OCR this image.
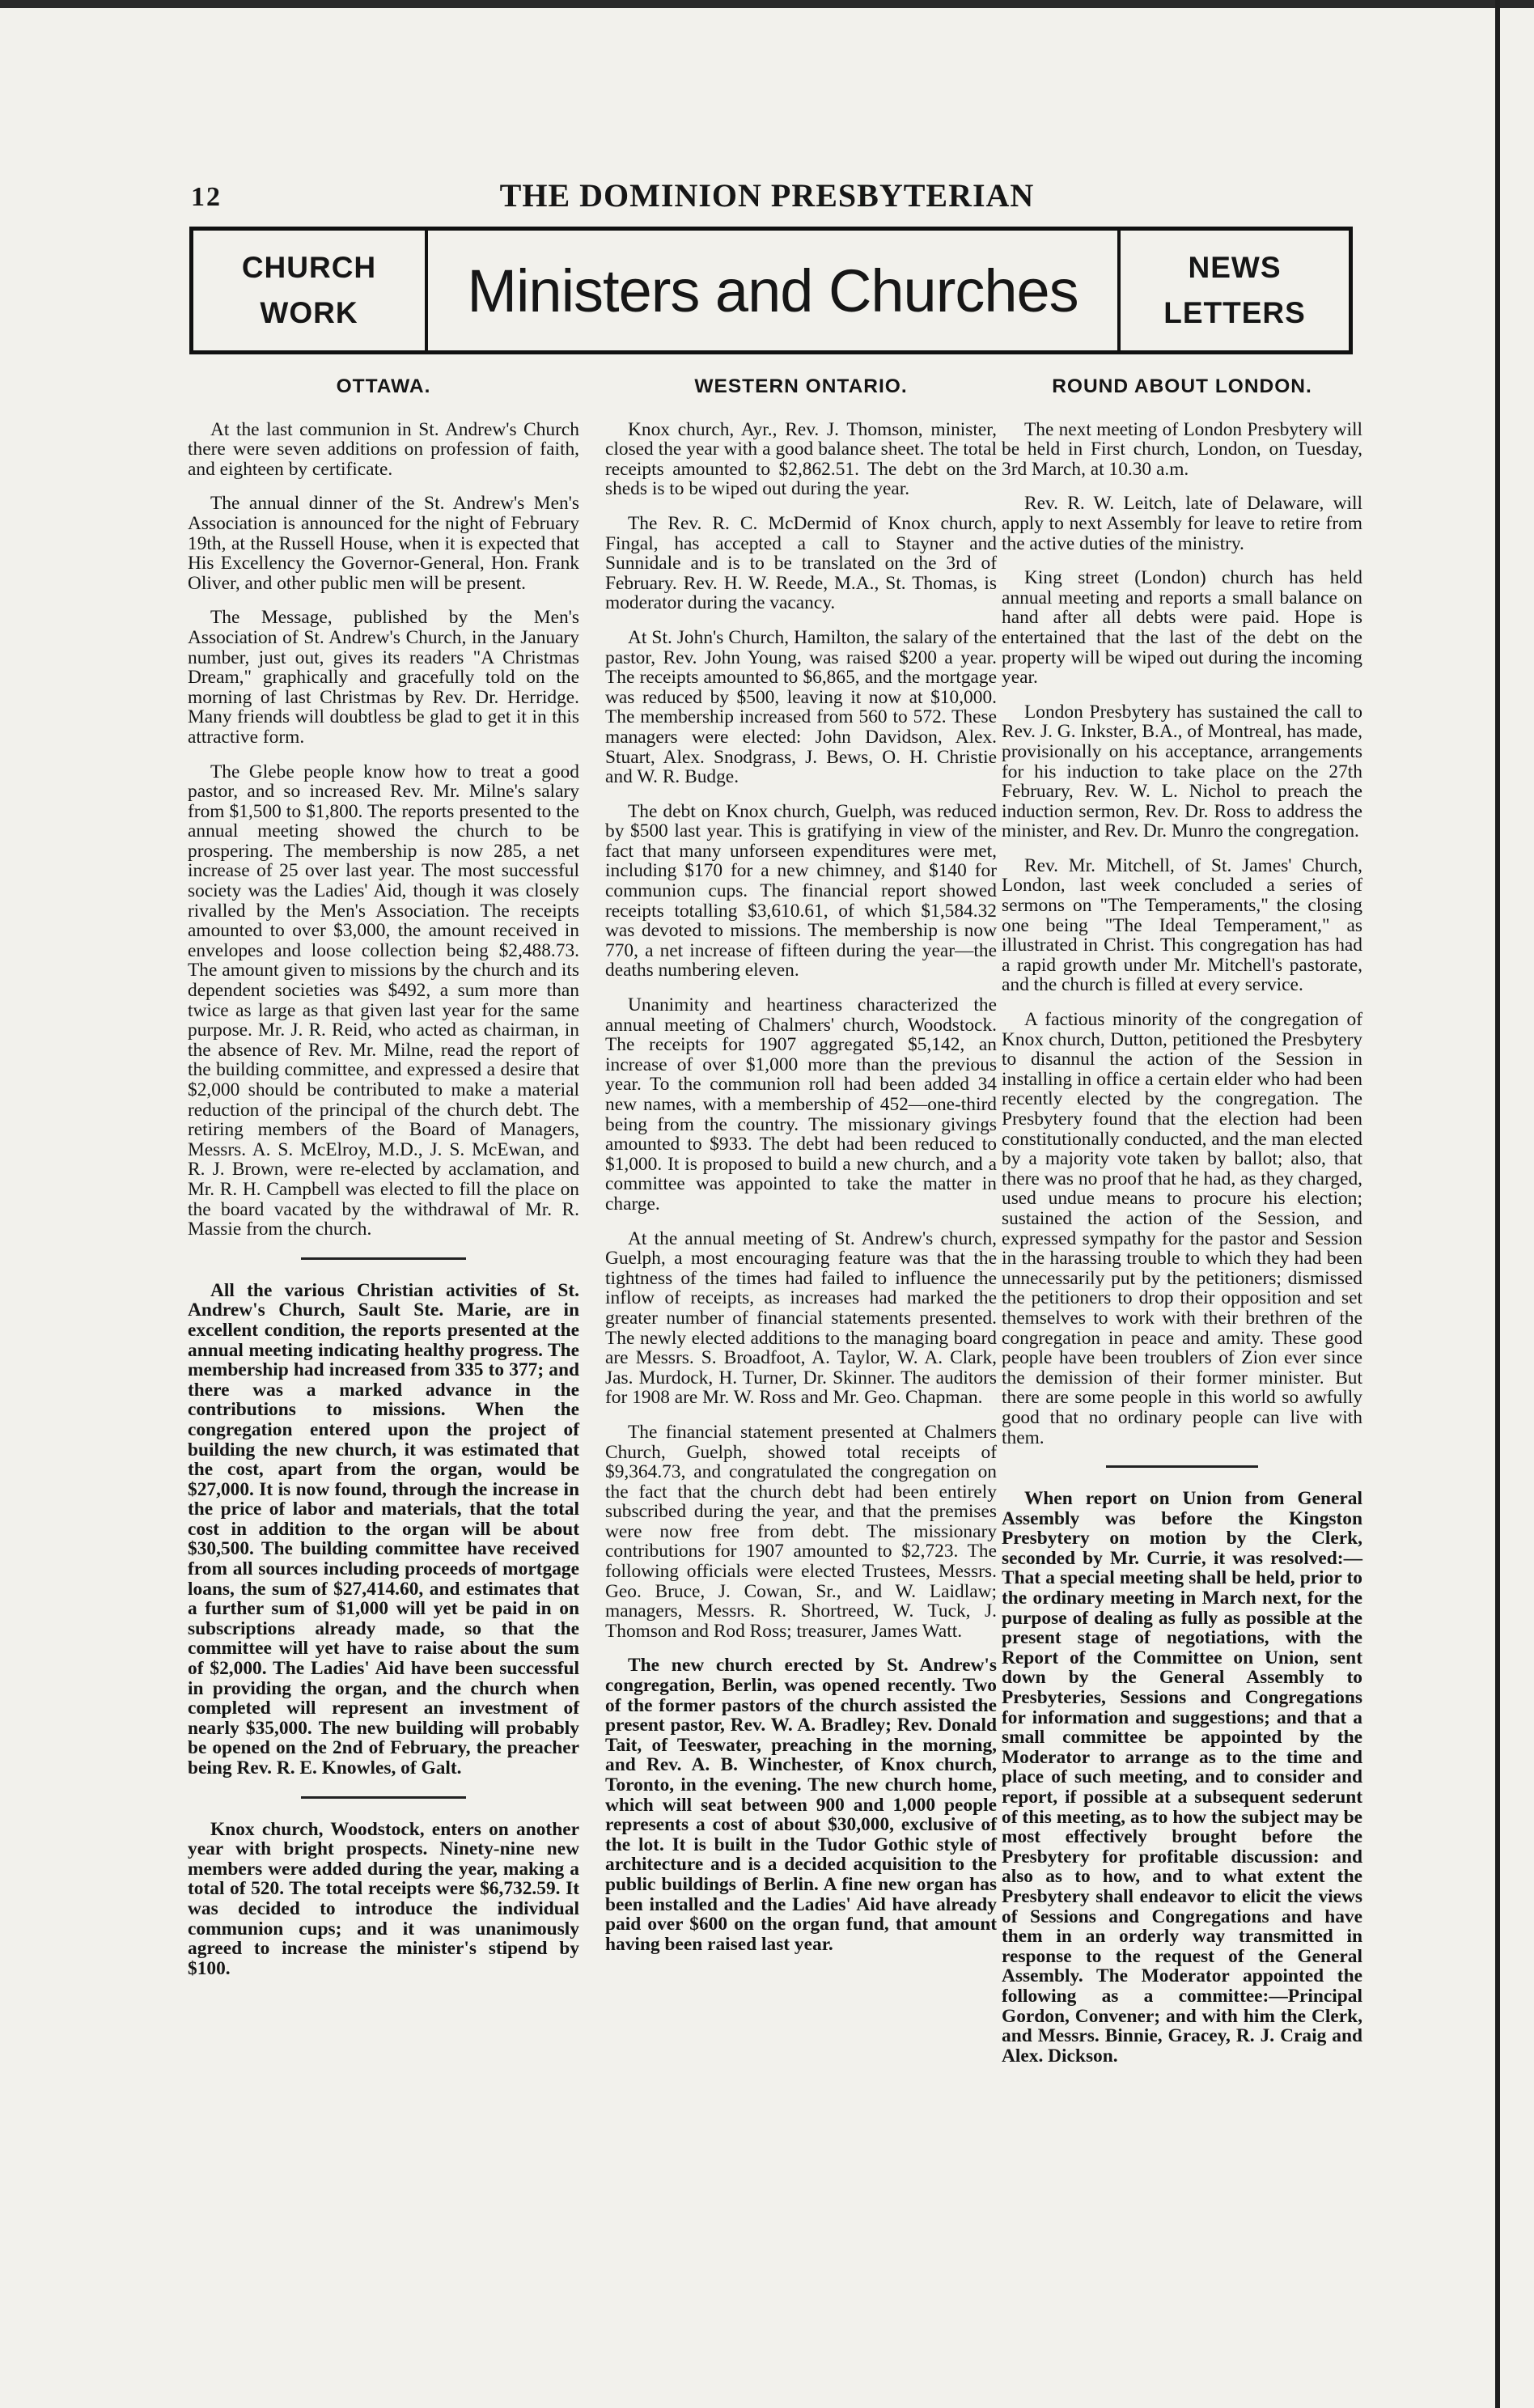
12	THE DOMINION PRESBYTERIAN
CHURCH
WORK	Ministers and Churches	NEWS
LETTERS
OTTAWA.

At the last communion in St. Andrew's Church there were seven additions on profession of faith, and eighteen by certificate.

The annual dinner of the St. Andrew's Men's Association is announced for the night of February 19th, at the Russell House, when it is expected that His Excellency the Governor-General, Hon. Frank Oliver, and other public men will be present.

The Message, published by the Men's Association of St. Andrew's Church, in the January number, just out, gives its readers "A Christmas Dream," graphically and gracefully told on the morning of last Christmas by Rev. Dr. Herridge. Many friends will doubtless be glad to get it in this attractive form.

The Glebe people know how to treat a good pastor, and so increased Rev. Mr. Milne's salary from $1,500 to $1,800. The reports presented to the annual meeting showed the church to be prospering. The membership is now 285, a net increase of 25 over last year. The most successful society was the Ladies' Aid, though it was closely rivalled by the Men's Association. The receipts amounted to over $3,000, the amount received in envelopes and loose collection being $2,488.73. The amount given to missions by the church and its dependent societies was $492, a sum more than twice as large as that given last year for the same purpose. Mr. J. R. Reid, who acted as chairman, in the absence of Rev. Mr. Milne, read the report of the building committee, and expressed a desire that $2,000 should be contributed to make a material reduction of the principal of the church debt. The retiring members of the Board of Managers, Messrs. A. S. McElroy, M.D., J. S. McEwan, and R. J. Brown, were re-elected by acclamation, and Mr. R. H. Campbell was elected to fill the place on the board vacated by the withdrawal of Mr. R. Massie from the church.

All the various Christian activities of St. Andrew's Church, Sault Ste. Marie, are in excellent condition, the reports presented at the annual meeting indicating healthy progress. The membership had increased from 335 to 377; and there was a marked advance in the contributions to missions. When the congregation entered upon the project of building the new church, it was estimated that the cost, apart from the organ, would be $27,000. It is now found, through the increase in the price of labor and materials, that the total cost in addition to the organ will be about $30,500. The building committee have received from all sources including proceeds of mortgage loans, the sum of $27,414.60, and estimates that a further sum of $1,000 will yet be paid in on subscriptions already made, so that the committee will yet have to raise about the sum of $2,000. The Ladies' Aid have been successful in providing the organ, and the church when completed will represent an investment of nearly $35,000. The new building will probably be opened on the 2nd of February, the preacher being Rev. R. E. Knowles, of Galt.

Knox church, Woodstock, enters on another year with bright prospects. Ninety-nine new members were added during the year, making a total of 520. The total receipts were $6,732.59. It was decided to introduce the individual communion cups; and it was unanimously agreed to increase the minister's stipend by $100.

WESTERN ONTARIO.

Knox church, Ayr., Rev. J. Thomson, minister, closed the year with a good balance sheet. The total receipts amounted to $2,862.51. The debt on the sheds is to be wiped out during the year.

The Rev. R. C. McDermid of Knox church, Fingal, has accepted a call to Stayner and Sunnidale and is to be translated on the 3rd of February. Rev. H. W. Reede, M.A., St. Thomas, is moderator during the vacancy.

At St. John's Church, Hamilton, the salary of the pastor, Rev. John Young, was raised $200 a year. The receipts amounted to $6,865, and the mortgage was reduced by $500, leaving it now at $10,000. The membership increased from 560 to 572. These managers were elected: John Davidson, Alex. Stuart, Alex. Snodgrass, J. Bews, O. H. Christie and W. R. Budge.

The debt on Knox church, Guelph, was reduced by $500 last year. This is gratifying in view of the fact that many unforseen expenditures were met, including $170 for a new chimney, and $140 for communion cups. The financial report showed receipts totalling $3,610.61, of which $1,584.32 was devoted to missions. The membership is now 770, a net increase of fifteen during the year—the deaths numbering eleven.

Unanimity and heartiness characterized the annual meeting of Chalmers' church, Woodstock. The receipts for 1907 aggregated $5,142, an increase of over $1,000 more than the previous year. To the communion roll had been added 34 new names, with a membership of 452—one-third being from the country. The missionary givings amounted to $933. The debt had been reduced to $1,000. It is proposed to build a new church, and a committee was appointed to take the matter in charge.

At the annual meeting of St. Andrew's church, Guelph, a most encouraging feature was that the tightness of the times had failed to influence the inflow of receipts, as increases had marked the greater number of financial statements presented. The newly elected additions to the managing board are Messrs. S. Broadfoot, A. Taylor, W. A. Clark, Jas. Murdock, H. Turner, Dr. Skinner. The auditors for 1908 are Mr. W. Ross and Mr. Geo. Chapman.

The financial statement presented at Chalmers Church, Guelph, showed total receipts of $9,364.73, and congratulated the congregation on the fact that the church debt had been entirely subscribed during the year, and that the premises were now free from debt. The missionary contributions for 1907 amounted to $2,723. The following officials were elected Trustees, Messrs. Geo. Bruce, J. Cowan, Sr., and W. Laidlaw; managers, Messrs. R. Shortreed, W. Tuck, J. Thomson and Rod Ross; treasurer, James Watt.

The new church erected by St. Andrew's congregation, Berlin, was opened recently. Two of the former pastors of the church assisted the present pastor, Rev. W. A. Bradley; Rev. Donald Tait, of Teeswater, preaching in the morning, and Rev. A. B. Winchester, of Knox church, Toronto, in the evening. The new church home, which will seat between 900 and 1,000 people represents a cost of about $30,000, exclusive of the lot. It is built in the Tudor Gothic style of architecture and is a decided acquisition to the public buildings of Berlin. A fine new organ has been installed and the Ladies' Aid have already paid over $600 on the organ fund, that amount having been raised last year.

ROUND ABOUT LONDON.

The next meeting of London Presbytery will be held in First church, London, on Tuesday, 3rd March, at 10.30 a.m.

Rev. R. W. Leitch, late of Delaware, will apply to next Assembly for leave to retire from the active duties of the ministry.

King street (London) church has held annual meeting and reports a small balance on hand after all debts were paid. Hope is entertained that the last of the debt on the property will be wiped out during the incoming year.

London Presbytery has sustained the call to Rev. J. G. Inkster, B.A., of Montreal, has made, provisionally on his acceptance, arrangements for his induction to take place on the 27th February, Rev. W. L. Nichol to preach the induction sermon, Rev. Dr. Ross to address the minister, and Rev. Dr. Munro the congregation.

Rev. Mr. Mitchell, of St. James' Church, London, last week concluded a series of sermons on "The Temperaments," the closing one being "The Ideal Temperament," as illustrated in Christ. This congregation has had a rapid growth under Mr. Mitchell's pastorate, and the church is filled at every service.

A factious minority of the congregation of Knox church, Dutton, petitioned the Presbytery to disannul the action of the Session in installing in office a certain elder who had been recently elected by the congregation. The Presbytery found that the election had been constitutionally conducted, and the man elected by a majority vote taken by ballot; also, that there was no proof that he had, as they charged, used undue means to procure his election; sustained the action of the Session, and expressed sympathy for the pastor and Session in the harassing trouble to which they had been unnecessarily put by the petitioners; dismissed the petitioners to drop their opposition and set themselves to work with their brethren of the congregation in peace and amity. These good people have been troublers of Zion ever since the demission of their former minister. But there are some people in this world so awfully good that no ordinary people can live with them.

When report on Union from General Assembly was before the Kingston Presbytery on motion by the Clerk, seconded by Mr. Currie, it was resolved:—That a special meeting shall be held, prior to the ordinary meeting in March next, for the purpose of dealing as fully as possible at the present stage of negotiations, with the Report of the Committee on Union, sent down by the General Assembly to Presbyteries, Sessions and Congregations for information and suggestions; and that a small committee be appointed by the Moderator to arrange as to the time and place of such meeting, and to consider and report, if possible at a subsequent sederunt of this meeting, as to how the subject may be most effectively brought before the Presbytery for profitable discussion: and also as to how, and to what extent the Presbytery shall endeavor to elicit the views of Sessions and Congregations and have them in an orderly way transmitted in response to the request of the General Assembly. The Moderator appointed the following as a committee:—Principal Gordon, Convener; and with him the Clerk, and Messrs. Binnie, Gracey, R. J. Craig and Alex. Dickson.
